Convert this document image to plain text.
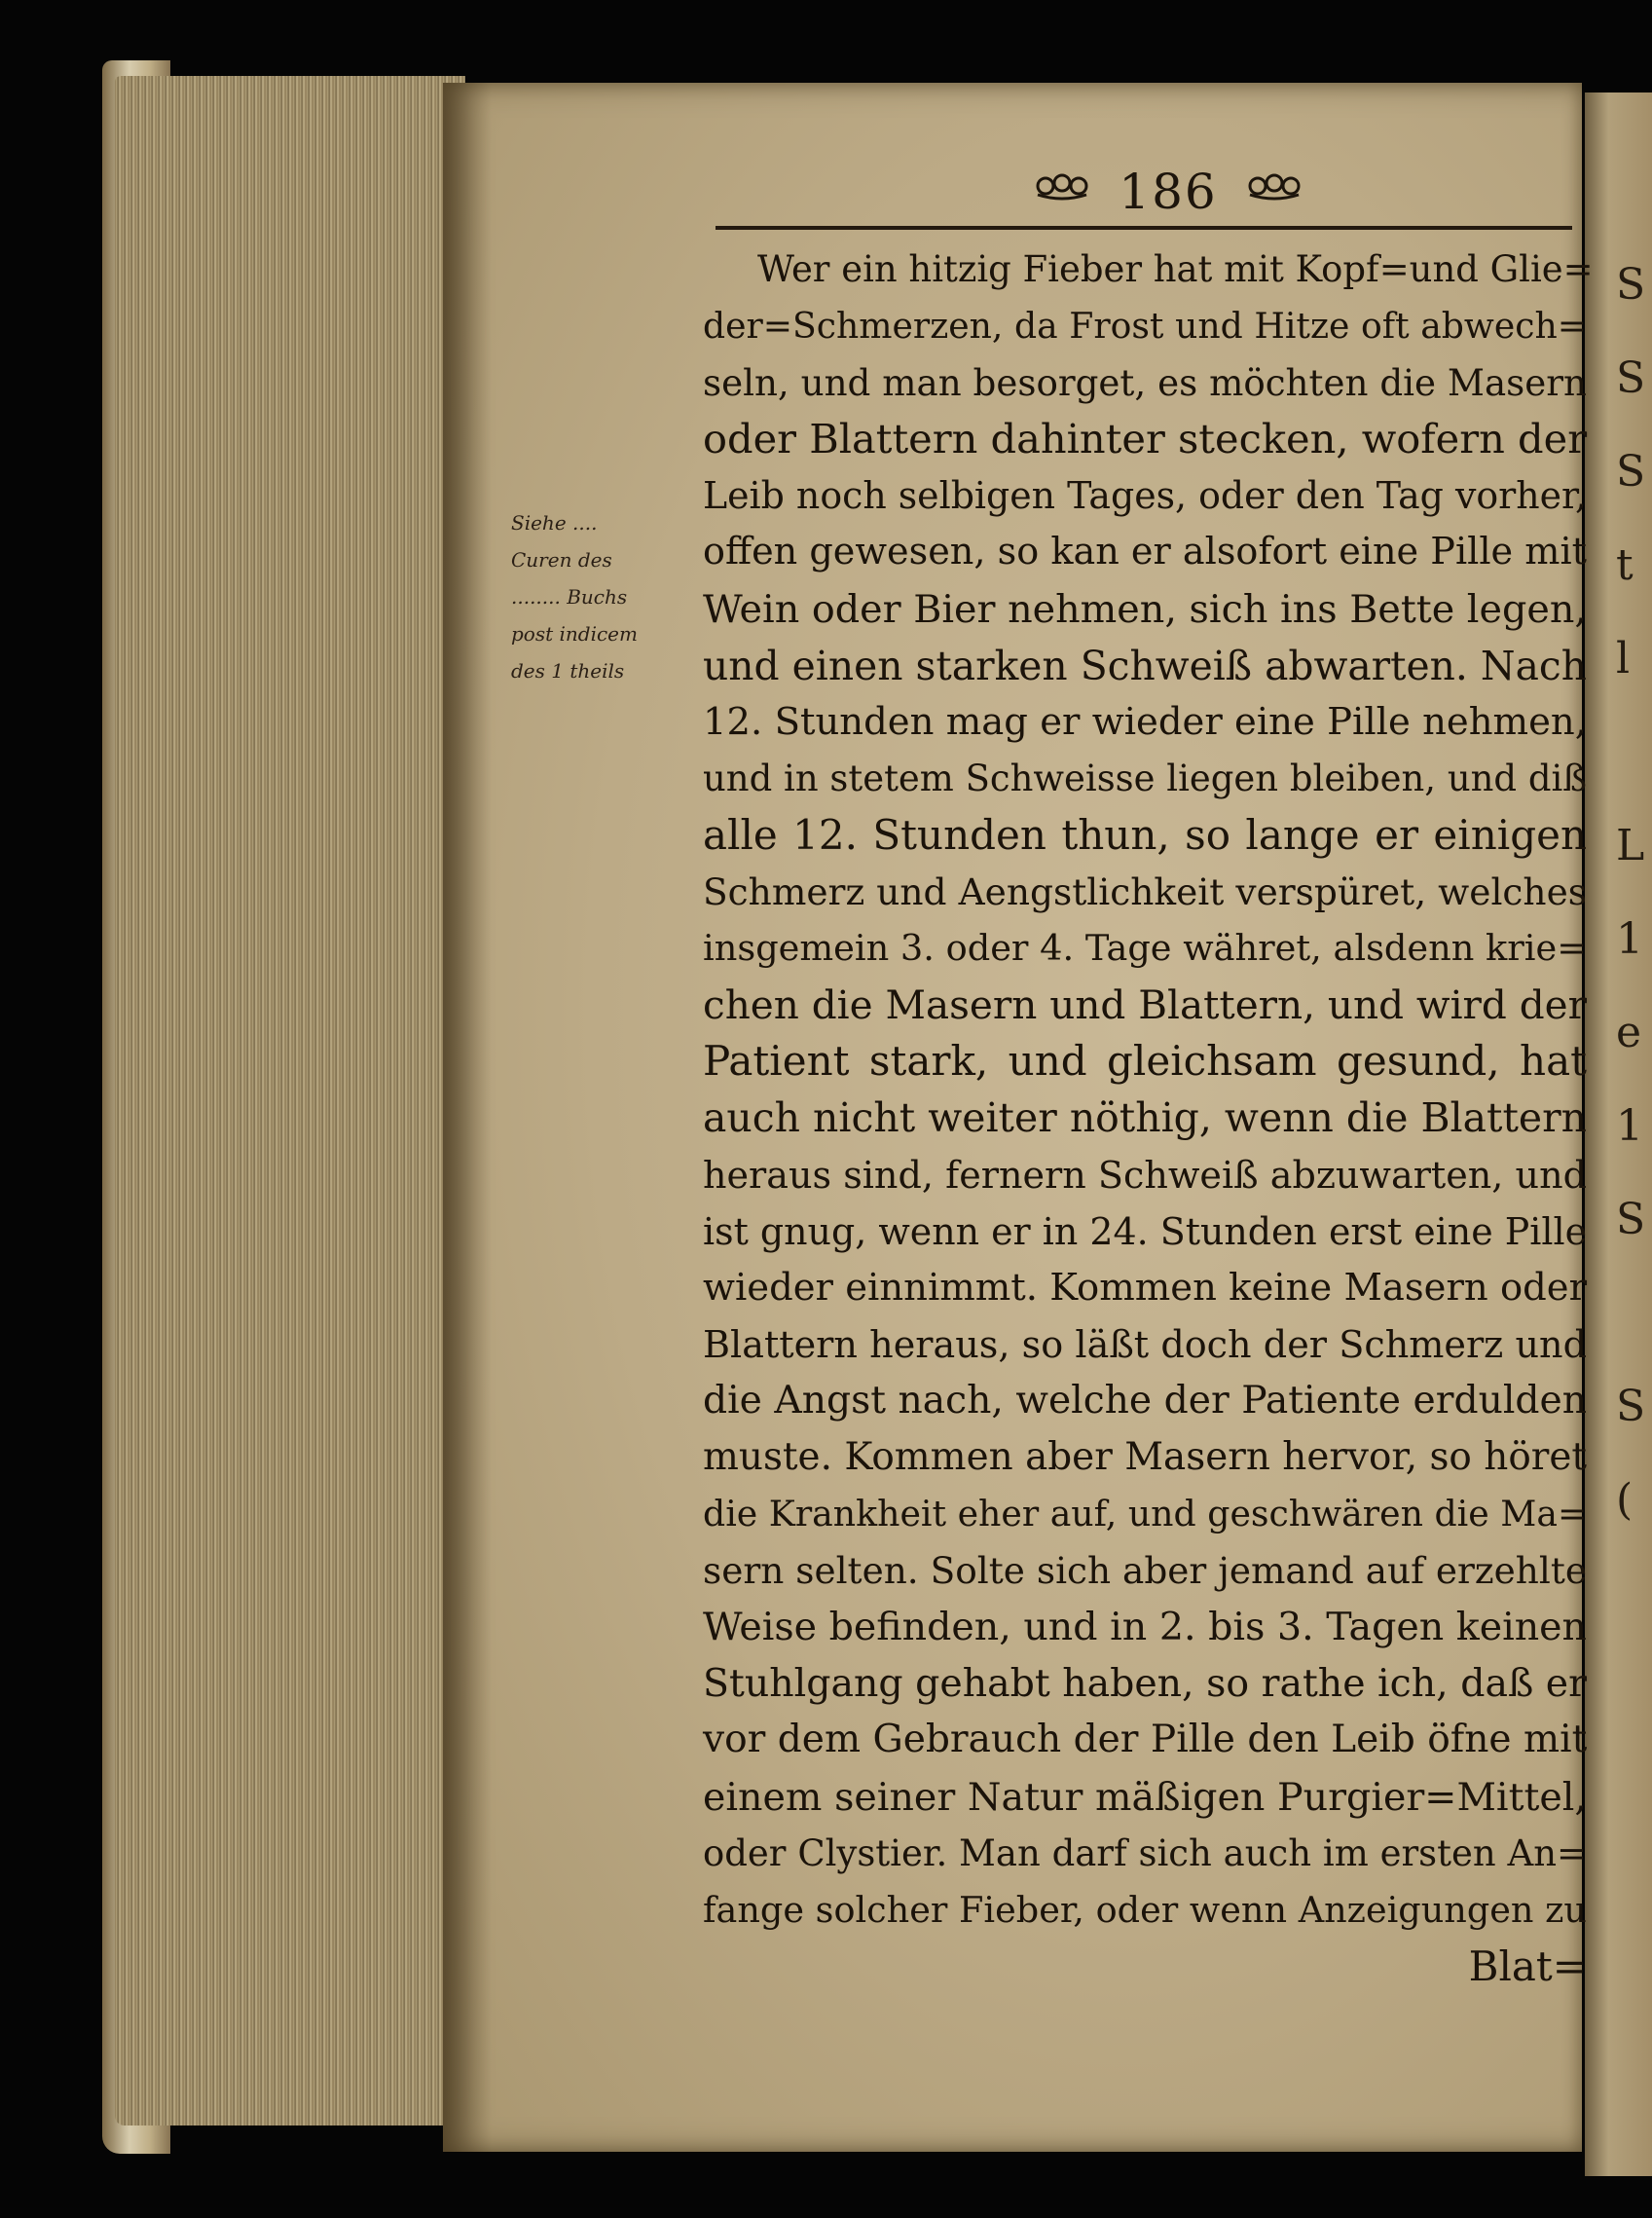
S
S
S
t
l

L
1
e
1
S

S
(
186
Siehe ....
Curen des
........ Buchs
post indicem
des 1 theils
Wer ein hitzig Fieber hat mit Kopf=und Glie=
der=Schmerzen, da Frost und Hitze oft abwech=
seln, und man besorget, es möchten die Masern
oder Blattern dahinter stecken, wofern der
Leib noch selbigen Tages, oder den Tag vorher,
offen gewesen, so kan er alsofort eine Pille mit
Wein oder Bier nehmen, sich ins Bette legen,
und einen starken Schweiß abwarten. Nach
12. Stunden mag er wieder eine Pille nehmen,
und in stetem Schweisse liegen bleiben, und diß
alle 12. Stunden thun, so lange er einigen
Schmerz und Aengstlichkeit verspüret, welches
insgemein 3. oder 4. Tage währet, alsdenn krie=
chen die Masern und Blattern, und wird der
Patient stark, und gleichsam gesund, hat
auch nicht weiter nöthig, wenn die Blattern
heraus sind, fernern Schweiß abzuwarten, und
ist gnug, wenn er in 24. Stunden erst eine Pille
wieder einnimmt. Kommen keine Masern oder
Blattern heraus, so läßt doch der Schmerz und
die Angst nach, welche der Patiente erdulden
muste. Kommen aber Masern hervor, so höret
die Krankheit eher auf, und geschwären die Ma=
sern selten. Solte sich aber jemand auf erzehlte
Weise befinden, und in 2. bis 3. Tagen keinen
Stuhlgang gehabt haben, so rathe ich, daß er
vor dem Gebrauch der Pille den Leib öfne mit
einem seiner Natur mäßigen Purgier=Mittel,
oder Clystier. Man darf sich auch im ersten An=
fange solcher Fieber, oder wenn Anzeigungen zu
Blat=
